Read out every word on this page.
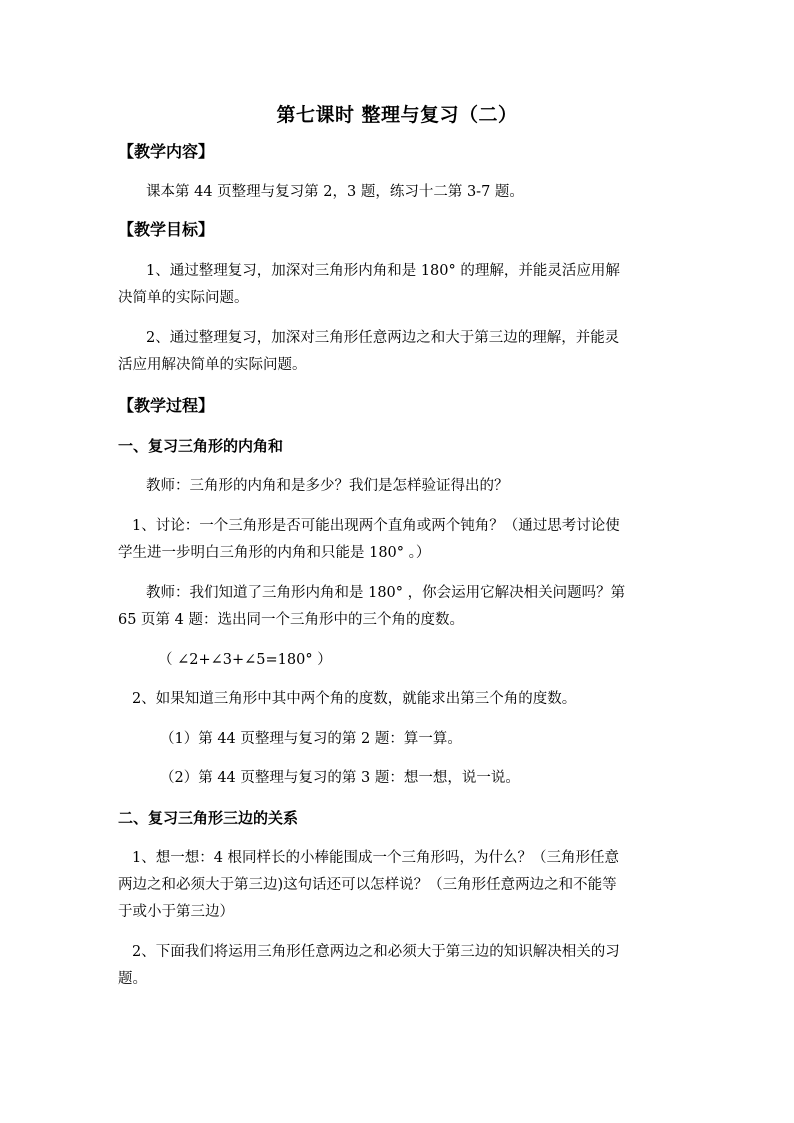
第七课时 整理与复习（二）
【教学内容】
课本第 44 页整理与复习第 2，3 题，练习十二第 3-7 题。
【教学目标】
1、通过整理复习，加深对三角形内角和是 180° 的理解，并能灵活应用解
决简单的实际问题。
2、通过整理复习，加深对三角形任意两边之和大于第三边的理解，并能灵
活应用解决简单的实际问题。
【教学过程】
一、复习三角形的内角和
教师：三角形的内角和是多少？我们是怎样验证得出的？
1、讨论：一个三角形是否可能出现两个直角或两个钝角？（通过思考讨论使
学生进一步明白三角形的内角和只能是 180° 。）
教师：我们知道了三角形内角和是 180° ，你会运用它解决相关问题吗？第
65 页第 4 题：选出同一个三角形中的三个角的度数。
（ ∠2+∠3+∠5=180° ）
2、如果知道三角形中其中两个角的度数，就能求出第三个角的度数。
（1）第 44 页整理与复习的第 2 题：算一算。
（2）第 44 页整理与复习的第 3 题：想一想，说一说。
二、复习三角形三边的关系
1、想一想：4 根同样长的小棒能围成一个三角形吗，为什么？（三角形任意
两边之和必须大于第三边)这句话还可以怎样说？（三角形任意两边之和不能等
于或小于第三边）
2、下面我们将运用三角形任意两边之和必须大于第三边的知识解决相关的习
题。
